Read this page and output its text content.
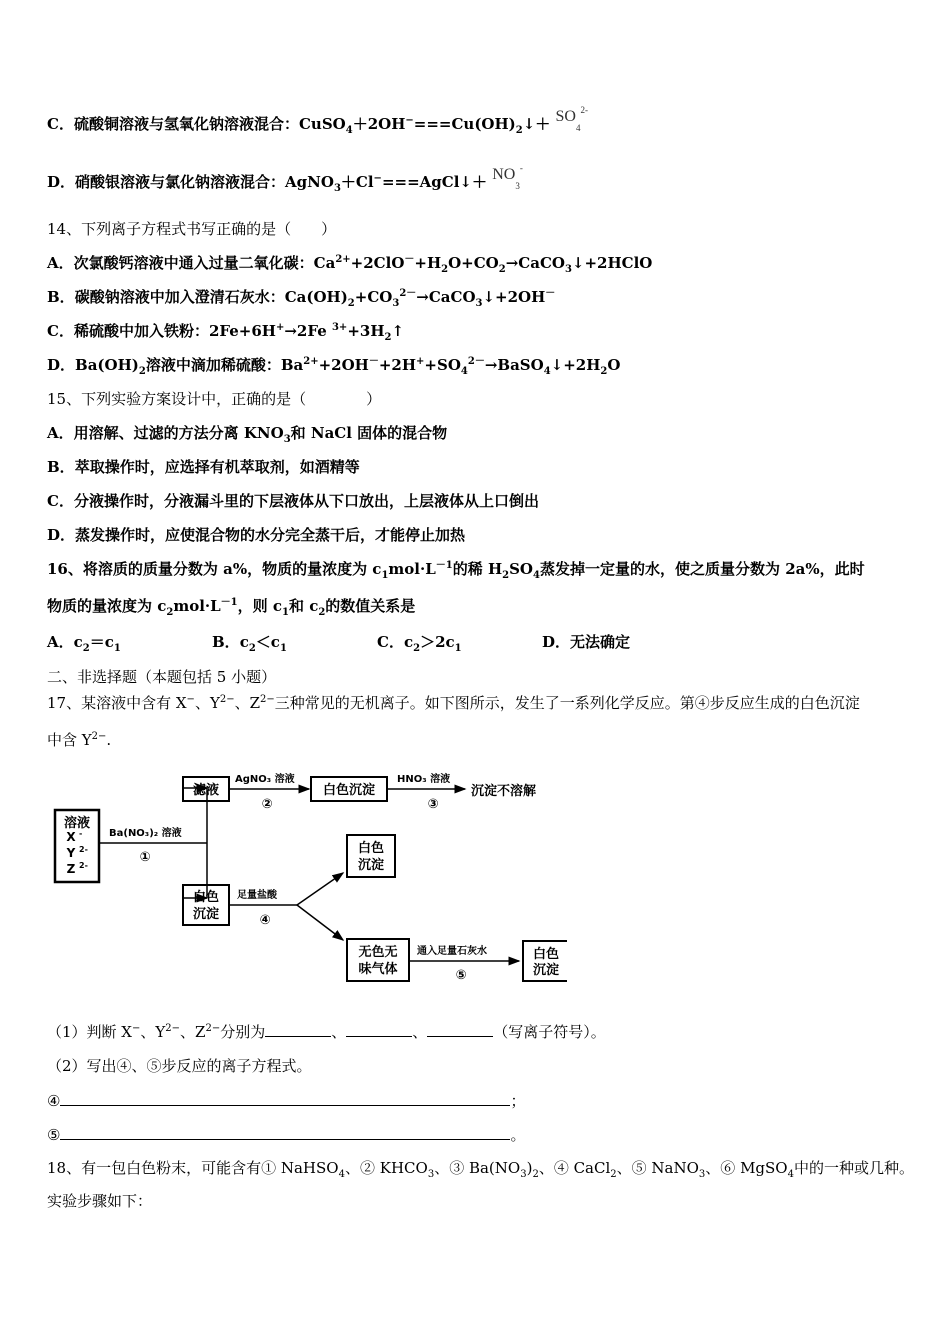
C．硫酸铜溶液与氢氧化钠溶液混合：$CuSO_4+2OH^-===Cu(OH)_2↓+ SO_4^{2-}$
D．硝酸银溶液与氯化钠溶液混合：AgNO$_3$＋Cl−===AgCl↓＋ $NO_3^-$
14、下列离子方程式书写正确的是（　　）
A．次氯酸钙溶液中通入过量二氧化碳：$Ca^{2+}+2ClO^-+H_2O+CO_2\to CaCO_3↓+2HClO$
B．碳酸钠溶液中加入澄清石灰水：$Ca(OH)_2+CO_3^{2-}\to CaCO_3↓+2OH^-$
C．稀硫酸中加入铁粉：2Fe+6H+→2Fe $^{3+}+3H_2↑$
D．$Ba(OH)_2$溶液中滴加稀硫酸：$Ba^{2+}+2OH^-+2H^++SO_4^{2-}\to BaSO_4↓+2H_2O$
15、下列实验方案设计中，正确的是（　　　　）
A．用溶解、过滤的方法分离 $KNO_3$和 NaCl 固体的混合物
B．萃取操作时，应选择有机萃取剂，如酒精等
C．分液操作时，分液漏斗里的下层液体从下口放出，上层液体从上口倒出
D．蒸发操作时，应使混合物的水分完全蒸干后，才能停止加热
16、将溶质的质量分数为 a%，物质的量浓度为 $c_1mol\cdot L^{-1}$的稀 $H_2SO_4$蒸发掉一定量的水，使之质量分数为 2a%，此时
物质的量浓度为 $c_2mol\cdot L^{-1}$，则 $c_1$和 $c_2$的数值关系是
A．$c_2=c_1$	B．$c_2<c_1$	C．$c_2>2c_1$	D．无法确定
二、非选择题（本题包括 5 小题）
17、某溶液中含有 X−、$Y^{2-}$、$Z^{2-}$三种常见的无机离子。如下图所示，发生了一系列化学反应。第④步反应生成的白色沉淀
中含 $Y^{2-}$.
溶液
X -
Y 2-
Z 2-
Ba(NO₃)₂ 溶液
①
滤液
AgNO₃ 溶液
②
白色沉淀
HNO₃ 溶液
③
沉淀不溶解
白色
沉淀
足量盐酸
④
白色
沉淀
无色无
味气体
通入足量石灰水
⑤
白色
沉淀
（1）判断 X−、$Y^{2-}$、$Z^{2-}$分别为	、	、	（写离子符号）。
（2）写出④、⑤步反应的离子方程式。
④	；
⑤	。
18、有一包白色粉末，可能含有① NaHSO$_4$、② $KHCO_3$、③ $Ba(NO_3)_2$、④ CaCl$_2$、⑤ NaNO$_3$、⑥ MgSO$_4$中的一种或几种。
实验步骤如下：
